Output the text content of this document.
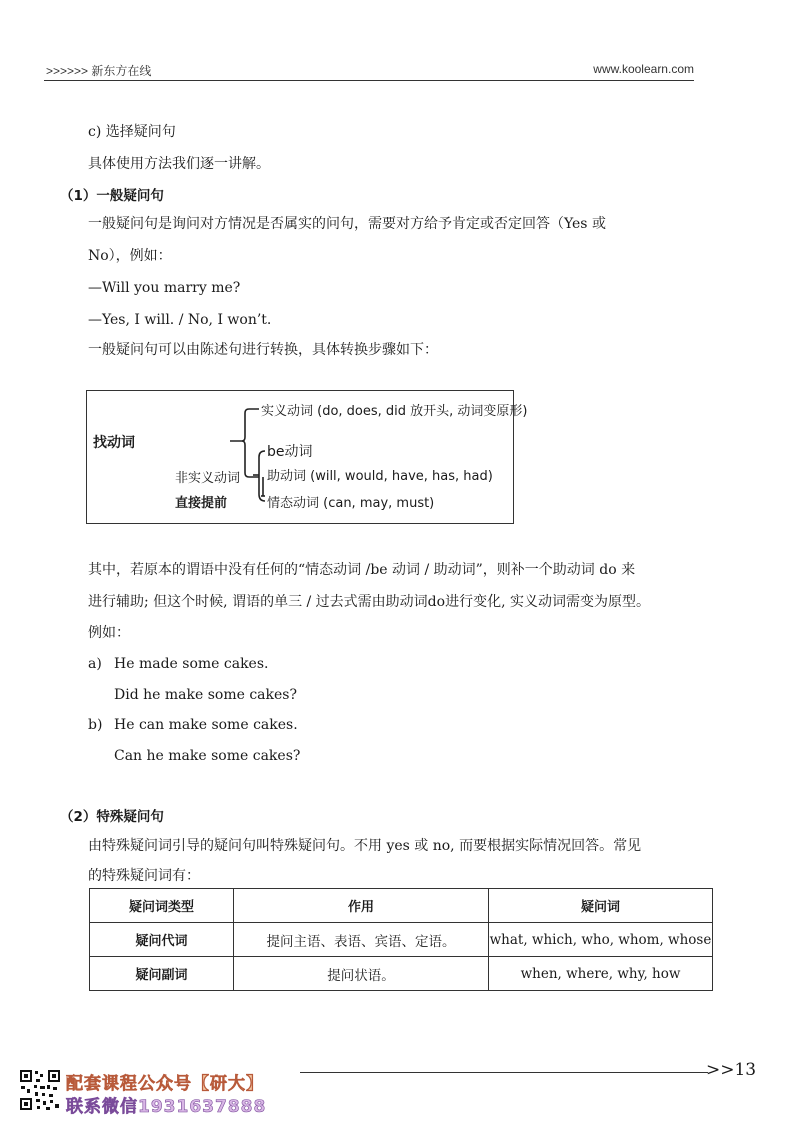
>>>>>> 新东方在线	www.koolearn.com
c) 选择疑问句
具体使用方法我们逐一讲解。
（1）一般疑问句
一般疑问句是询问对方情况是否属实的问句，需要对方给予肯定或否定回答（Yes 或
No），例如：
—Will you marry me?
—Yes, I will. / No, I won’t.
一般疑问句可以由陈述句进行转换，具体转换步骤如下：
找动词
实义动词 (do, does, did 放开头, 动词变原形)
非实义动词
直接提前
be动词
助动词 (will, would, have, has, had)
情态动词 (can, may, must)
其中，若原本的谓语中没有任何的“情态动词 /be 动词 / 助动词”，则补一个助动词 do 来
进行辅助; 但这个时候, 谓语的单三 / 过去式需由助动词do进行变化, 实义动词需变为原型。
例如：
a) He made some cakes.
Did he make some cakes?
b) He can make some cakes.
Can he make some cakes?
（2）特殊疑问句
由特殊疑问词引导的疑问句叫特殊疑问句。不用 yes 或 no, 而要根据实际情况回答。常见
的特殊疑问词有：
疑问词类型	作用	疑问词
疑问代词	提问主语、表语、宾语、定语。	what, which, who, whom, whose
疑问副词	提问状语。	when, where, why, how
>>13
配套课程公众号【研大】
联系微信1931637888
